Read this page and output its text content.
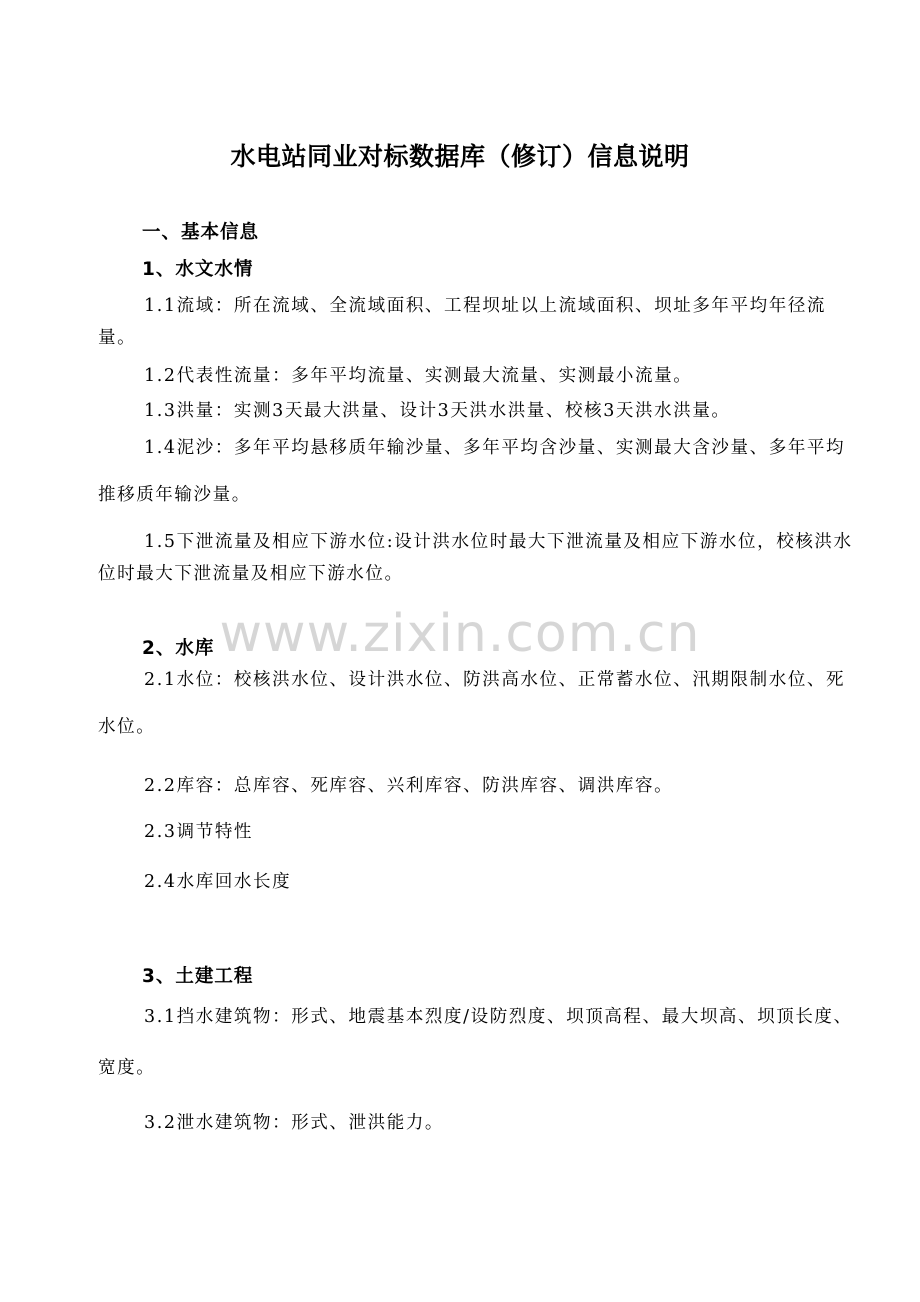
水电站同业对标数据库（修订）信息说明
一、基本信息
1、水文水情

1.1流域：所在流域、全流域面积、工程坝址以上流域面积、坝址多年平均年径流量。

1.2代表性流量：多年平均流量、实测最大流量、实测最小流量。

1.3洪量：实测3天最大洪量、设计3天洪水洪量、校核3天洪水洪量。

1.4泥沙：多年平均悬移质年输沙量、多年平均含沙量、实测最大含沙量、多年平均推移质年输沙量。

1.5下泄流量及相应下游水位:设计洪水位时最大下泄流量及相应下游水位，校核洪水位时最大下泄流量及相应下游水位。

www.zixin.com.cn
2、水库

2.1水位：校核洪水位、设计洪水位、防洪高水位、正常蓄水位、汛期限制水位、死水位。

2.2库容：总库容、死库容、兴利库容、防洪库容、调洪库容。

2.3调节特性

2.4水库回水长度

3、土建工程

3.1挡水建筑物：形式、地震基本烈度/设防烈度、坝顶高程、最大坝高、坝顶长度、宽度。

3.2泄水建筑物：形式、泄洪能力。
